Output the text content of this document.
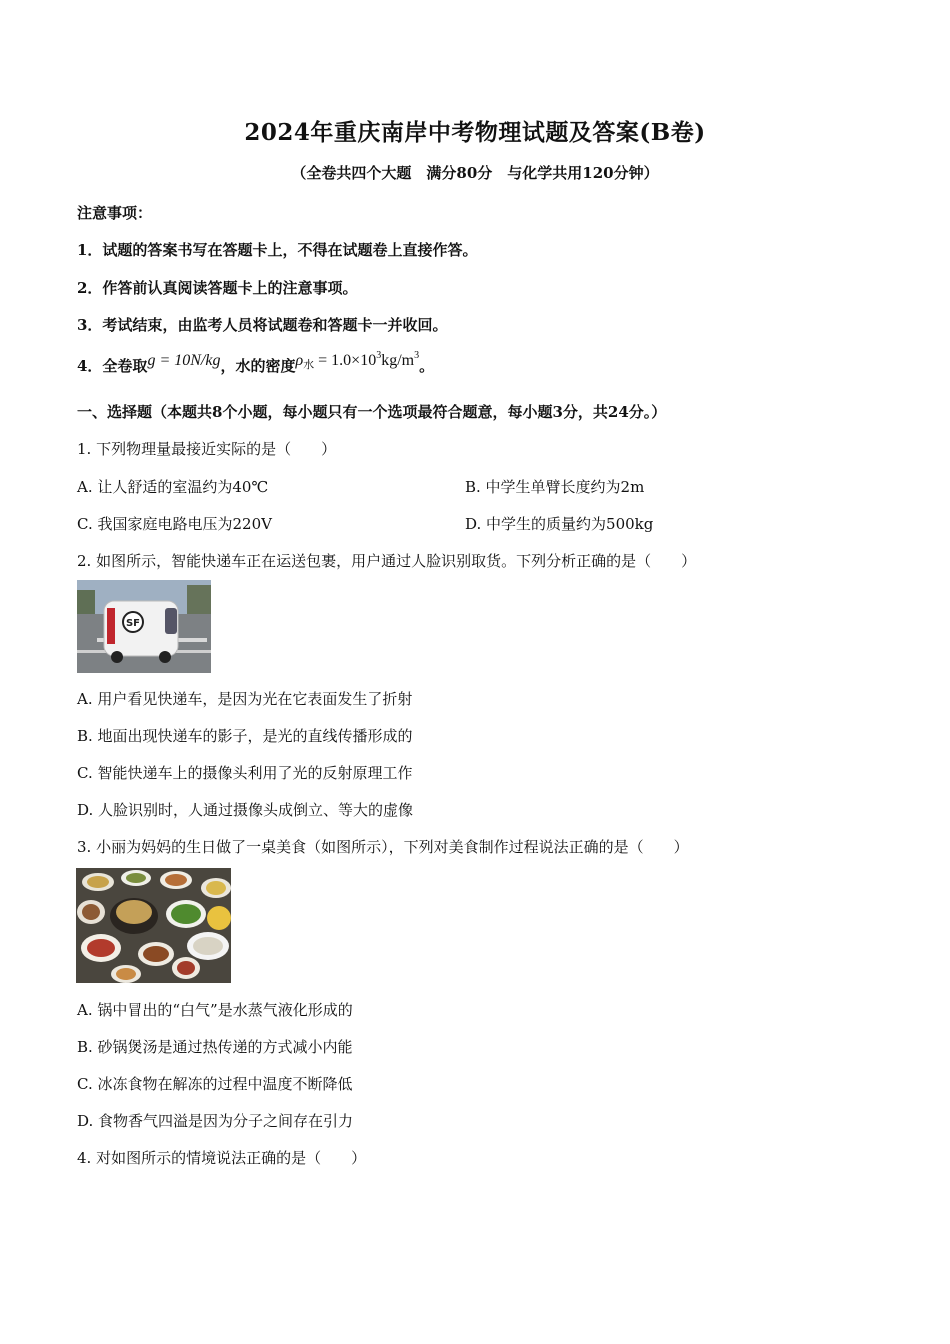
2024年重庆南岸中考物理试题及答案(B卷)
（全卷共四个大题　满分80分　与化学共用120分钟）
注意事项：
1．试题的答案书写在答题卡上，不得在试题卷上直接作答。
2．作答前认真阅读答题卡上的注意事项。
3．考试结束，由监考人员将试题卷和答题卡一并收回。
4．全卷取g = 10N/kg，水的密度$\rho_水 = 1.0\times 10^3kg/m^3$。
一、选择题（本题共8个小题，每小题只有一个选项最符合题意，每小题3分，共24分。）
1. 下列物理量最接近实际的是（　　）
A. 让人舒适的室温约为40℃	B. 中学生单臂长度约为2m
C. 我国家庭电路电压为220V	D. 中学生的质量约为500kg
2. 如图所示，智能快递车正在运送包裹，用户通过人脸识别取货。下列分析正确的是（　　）
SF
A. 用户看见快递车，是因为光在它表面发生了折射
B. 地面出现快递车的影子，是光的直线传播形成的
C. 智能快递车上的摄像头利用了光的反射原理工作
D. 人脸识别时，人通过摄像头成倒立、等大的虚像
3. 小丽为妈妈的生日做了一桌美食（如图所示），下列对美食制作过程说法正确的是（　　）
A. 锅中冒出的“白气”是水蒸气液化形成的
B. 砂锅煲汤是通过热传递的方式减小内能
C. 冰冻食物在解冻的过程中温度不断降低
D. 食物香气四溢是因为分子之间存在引力
4. 对如图所示的情境说法正确的是（　　）
